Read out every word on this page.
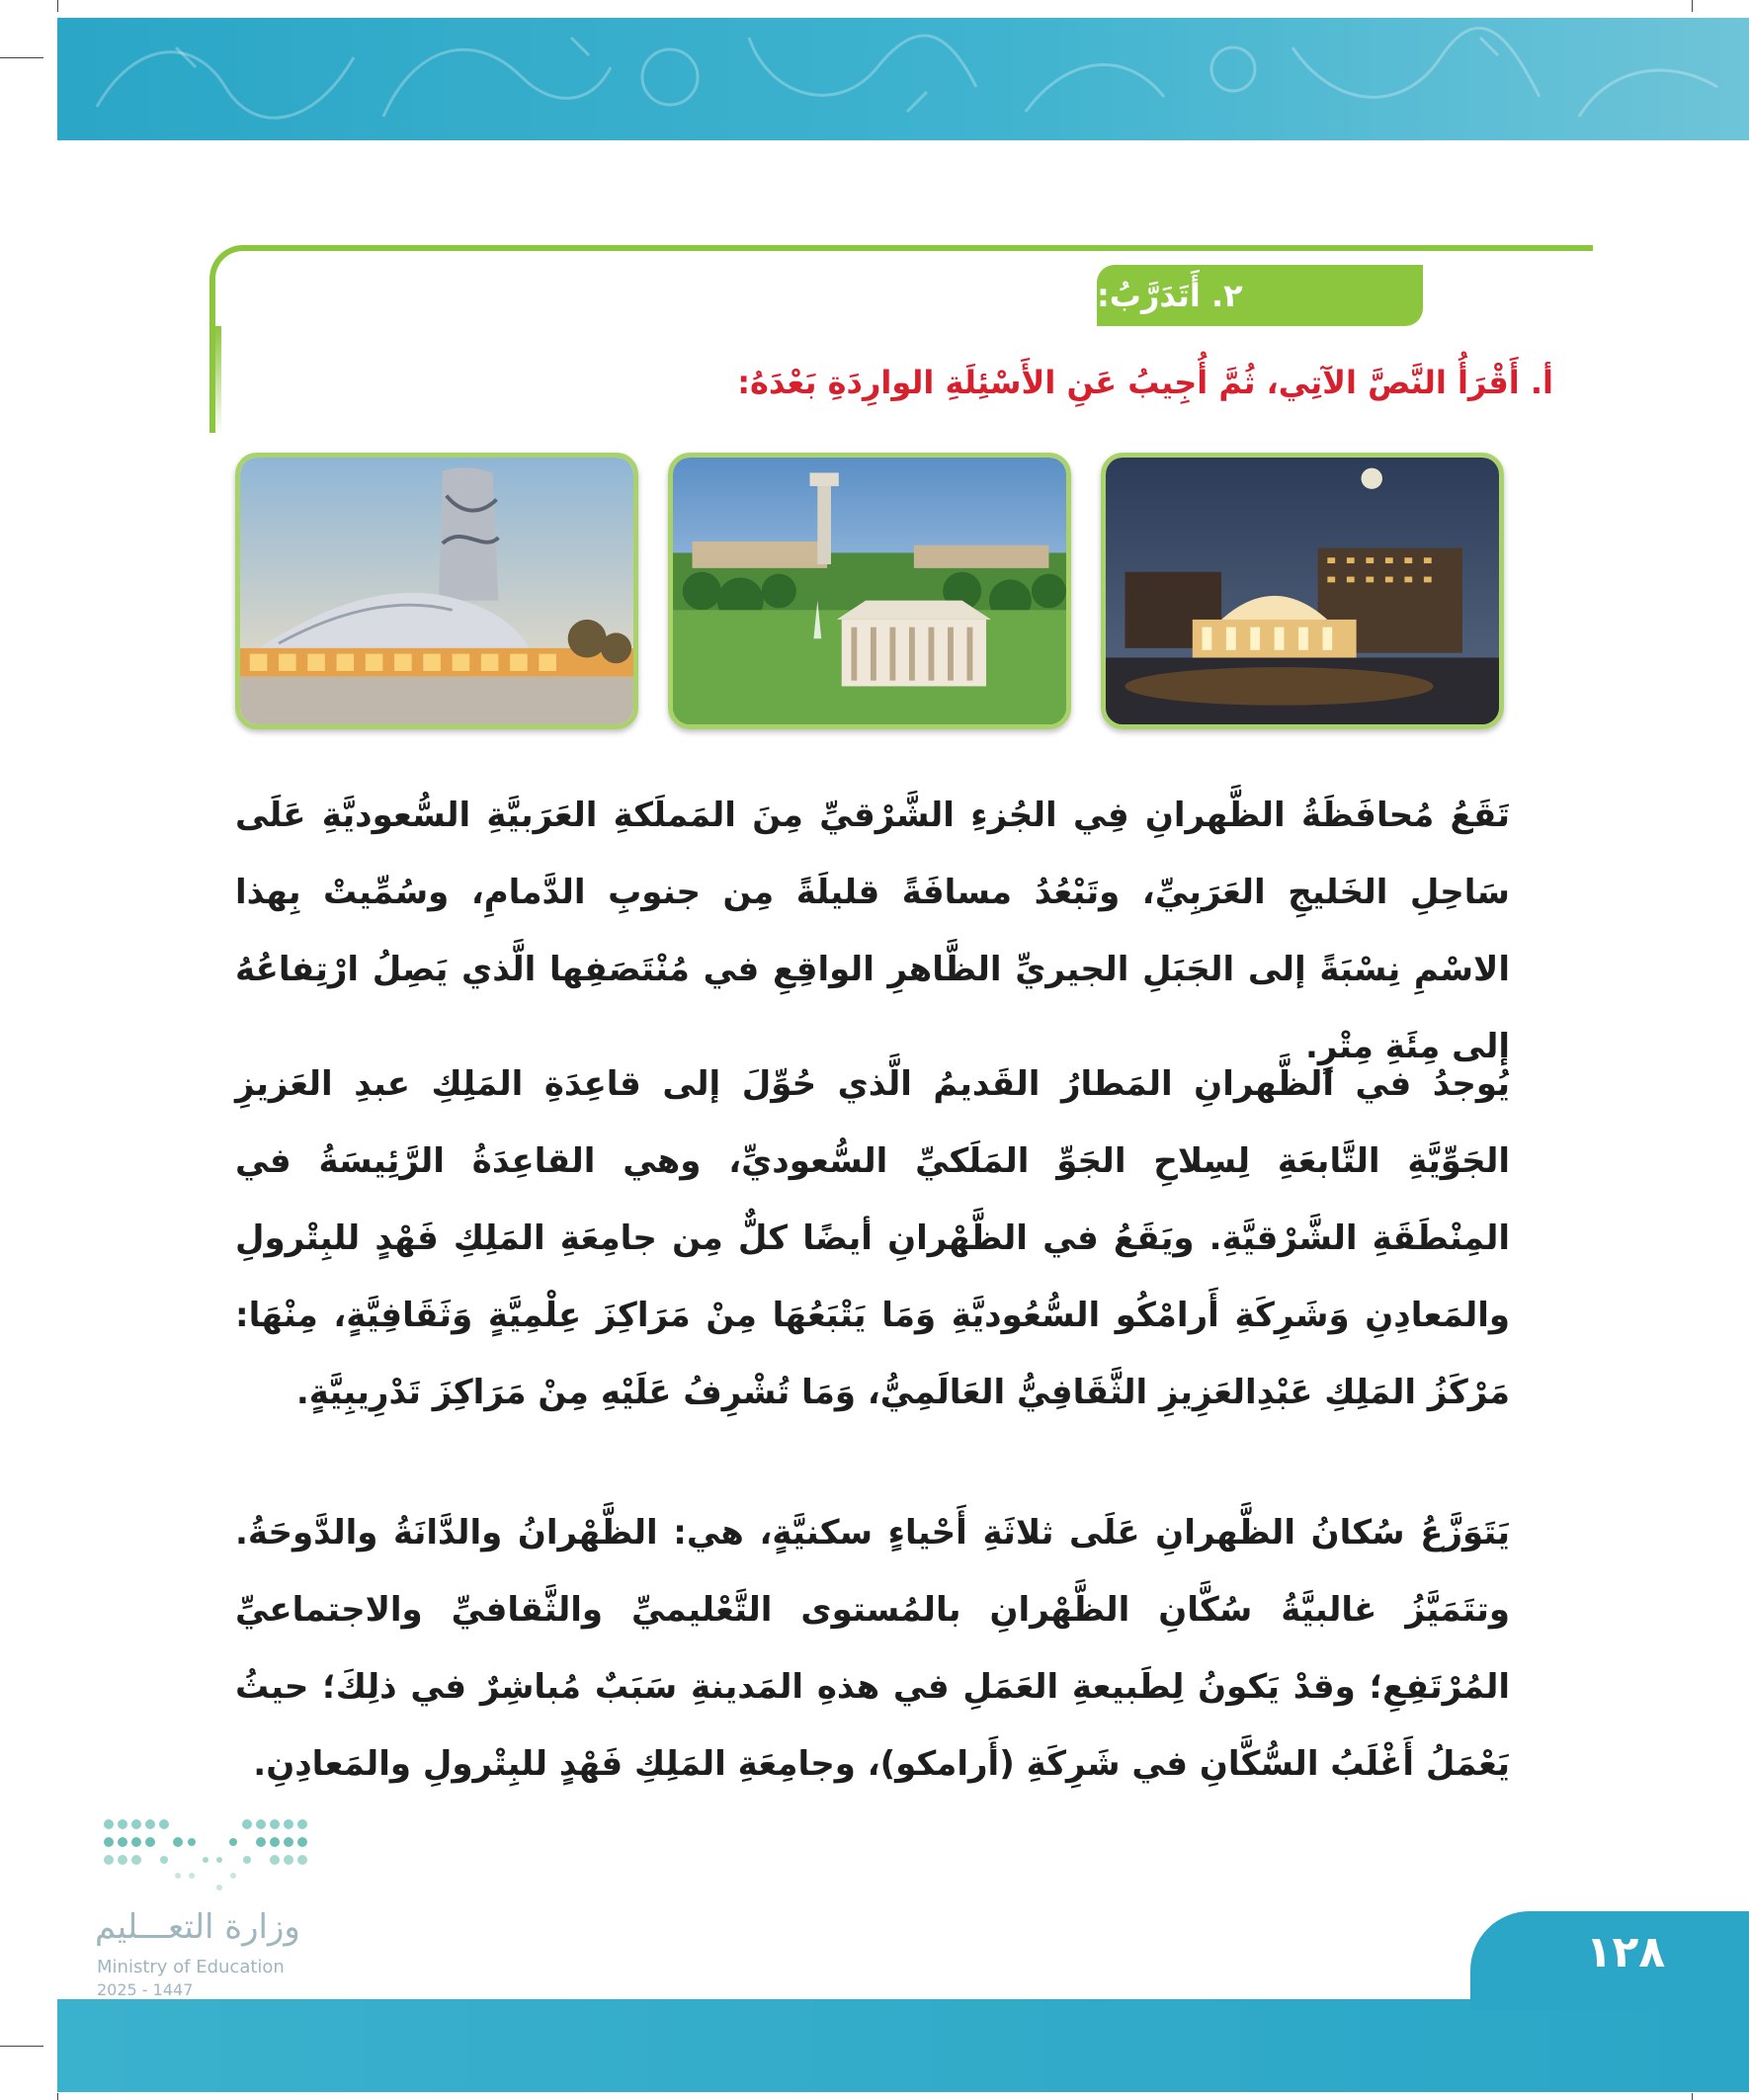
٢. أَتَدَرَّبُ:
أ. أَقْرَأُ النَّصَّ الآتِي، ثُمَّ أُجِيبُ عَنِ الأَسْئِلَةِ الوارِدَةِ بَعْدَهُ:

تَقَعُ مُحافَظَةُ الظَّهرانِ فِي الجُزءِ الشَّرْقيِّ مِنَ المَملَكةِ العَرَبيَّةِ السُّعوديَّةِ عَلَى سَاحِلِ الخَليجِ العَرَبِيِّ، وتَبْعُدُ مسافَةً قليلَةً مِن جنوبِ الدَّمامِ، وسُمِّيتْ بِهذا الاسْمِ نِسْبَةً إلى الجَبَلِ الجيريِّ الظَّاهرِ الواقِعِ في مُنْتَصَفِها الَّذي يَصِلُ ارْتِفاعُهُ إلى مِئَةِ مِتْرٍ.

يُوجدُ في الظَّهرانِ المَطارُ القَديمُ الَّذي حُوِّلَ إلى قاعِدَةِ المَلِكِ عبدِ العَزيزِ الجَوِّيَّةِ التَّابعَةِ لِسِلاحِ الجَوِّ المَلَكيِّ السُّعوديِّ، وهي القاعِدَةُ الرَّئِيسَةُ في المِنْطَقَةِ الشَّرْقيَّةِ. ويَقَعُ في الظَّهْرانِ أيضًا كلٌّ مِن جامِعَةِ المَلِكِ فَهْدٍ للبِتْرولِ والمَعادِنِ وَشَرِكَةِ أَرامْكُو السُّعُوديَّةِ وَمَا يَتْبَعُهَا مِنْ مَرَاكِزَ عِلْمِيَّةٍ وَثَقَافِيَّةٍ، مِنْهَا: مَرْكَزُ المَلِكِ عَبْدِالعَزِيزِ الثَّقَافِيُّ العَالَمِيُّ، وَمَا تُشْرِفُ عَلَيْهِ مِنْ مَرَاكِزَ تَدْرِيبِيَّةٍ.

يَتَوَزَّعُ سُكانُ الظَّهرانِ عَلَى ثلاثَةِ أَحْياءٍ سكنيَّةٍ، هي: الظَّهْرانُ والدَّانَةُ والدَّوحَةُ. وتتَمَيَّزُ غالبيَّةُ سُكَّانِ الظَّهْرانِ بالمُستوى التَّعْليميِّ والثَّقافيِّ والاجتماعيِّ المُرْتَفِعِ؛ وقدْ يَكونُ لِطَبيعةِ العَمَلِ في هذهِ المَدينةِ سَبَبٌ مُباشِرٌ في ذلِكَ؛ حيثُ يَعْمَلُ أَغْلَبُ السُّكَّانِ في شَرِكَةِ (أَرامكو)، وجامِعَةِ المَلِكِ فَهْدٍ للبِتْرولِ والمَعادِنِ.

وزارة التعـــليم
Ministry of Education
2025 - 1447
١٢٨
